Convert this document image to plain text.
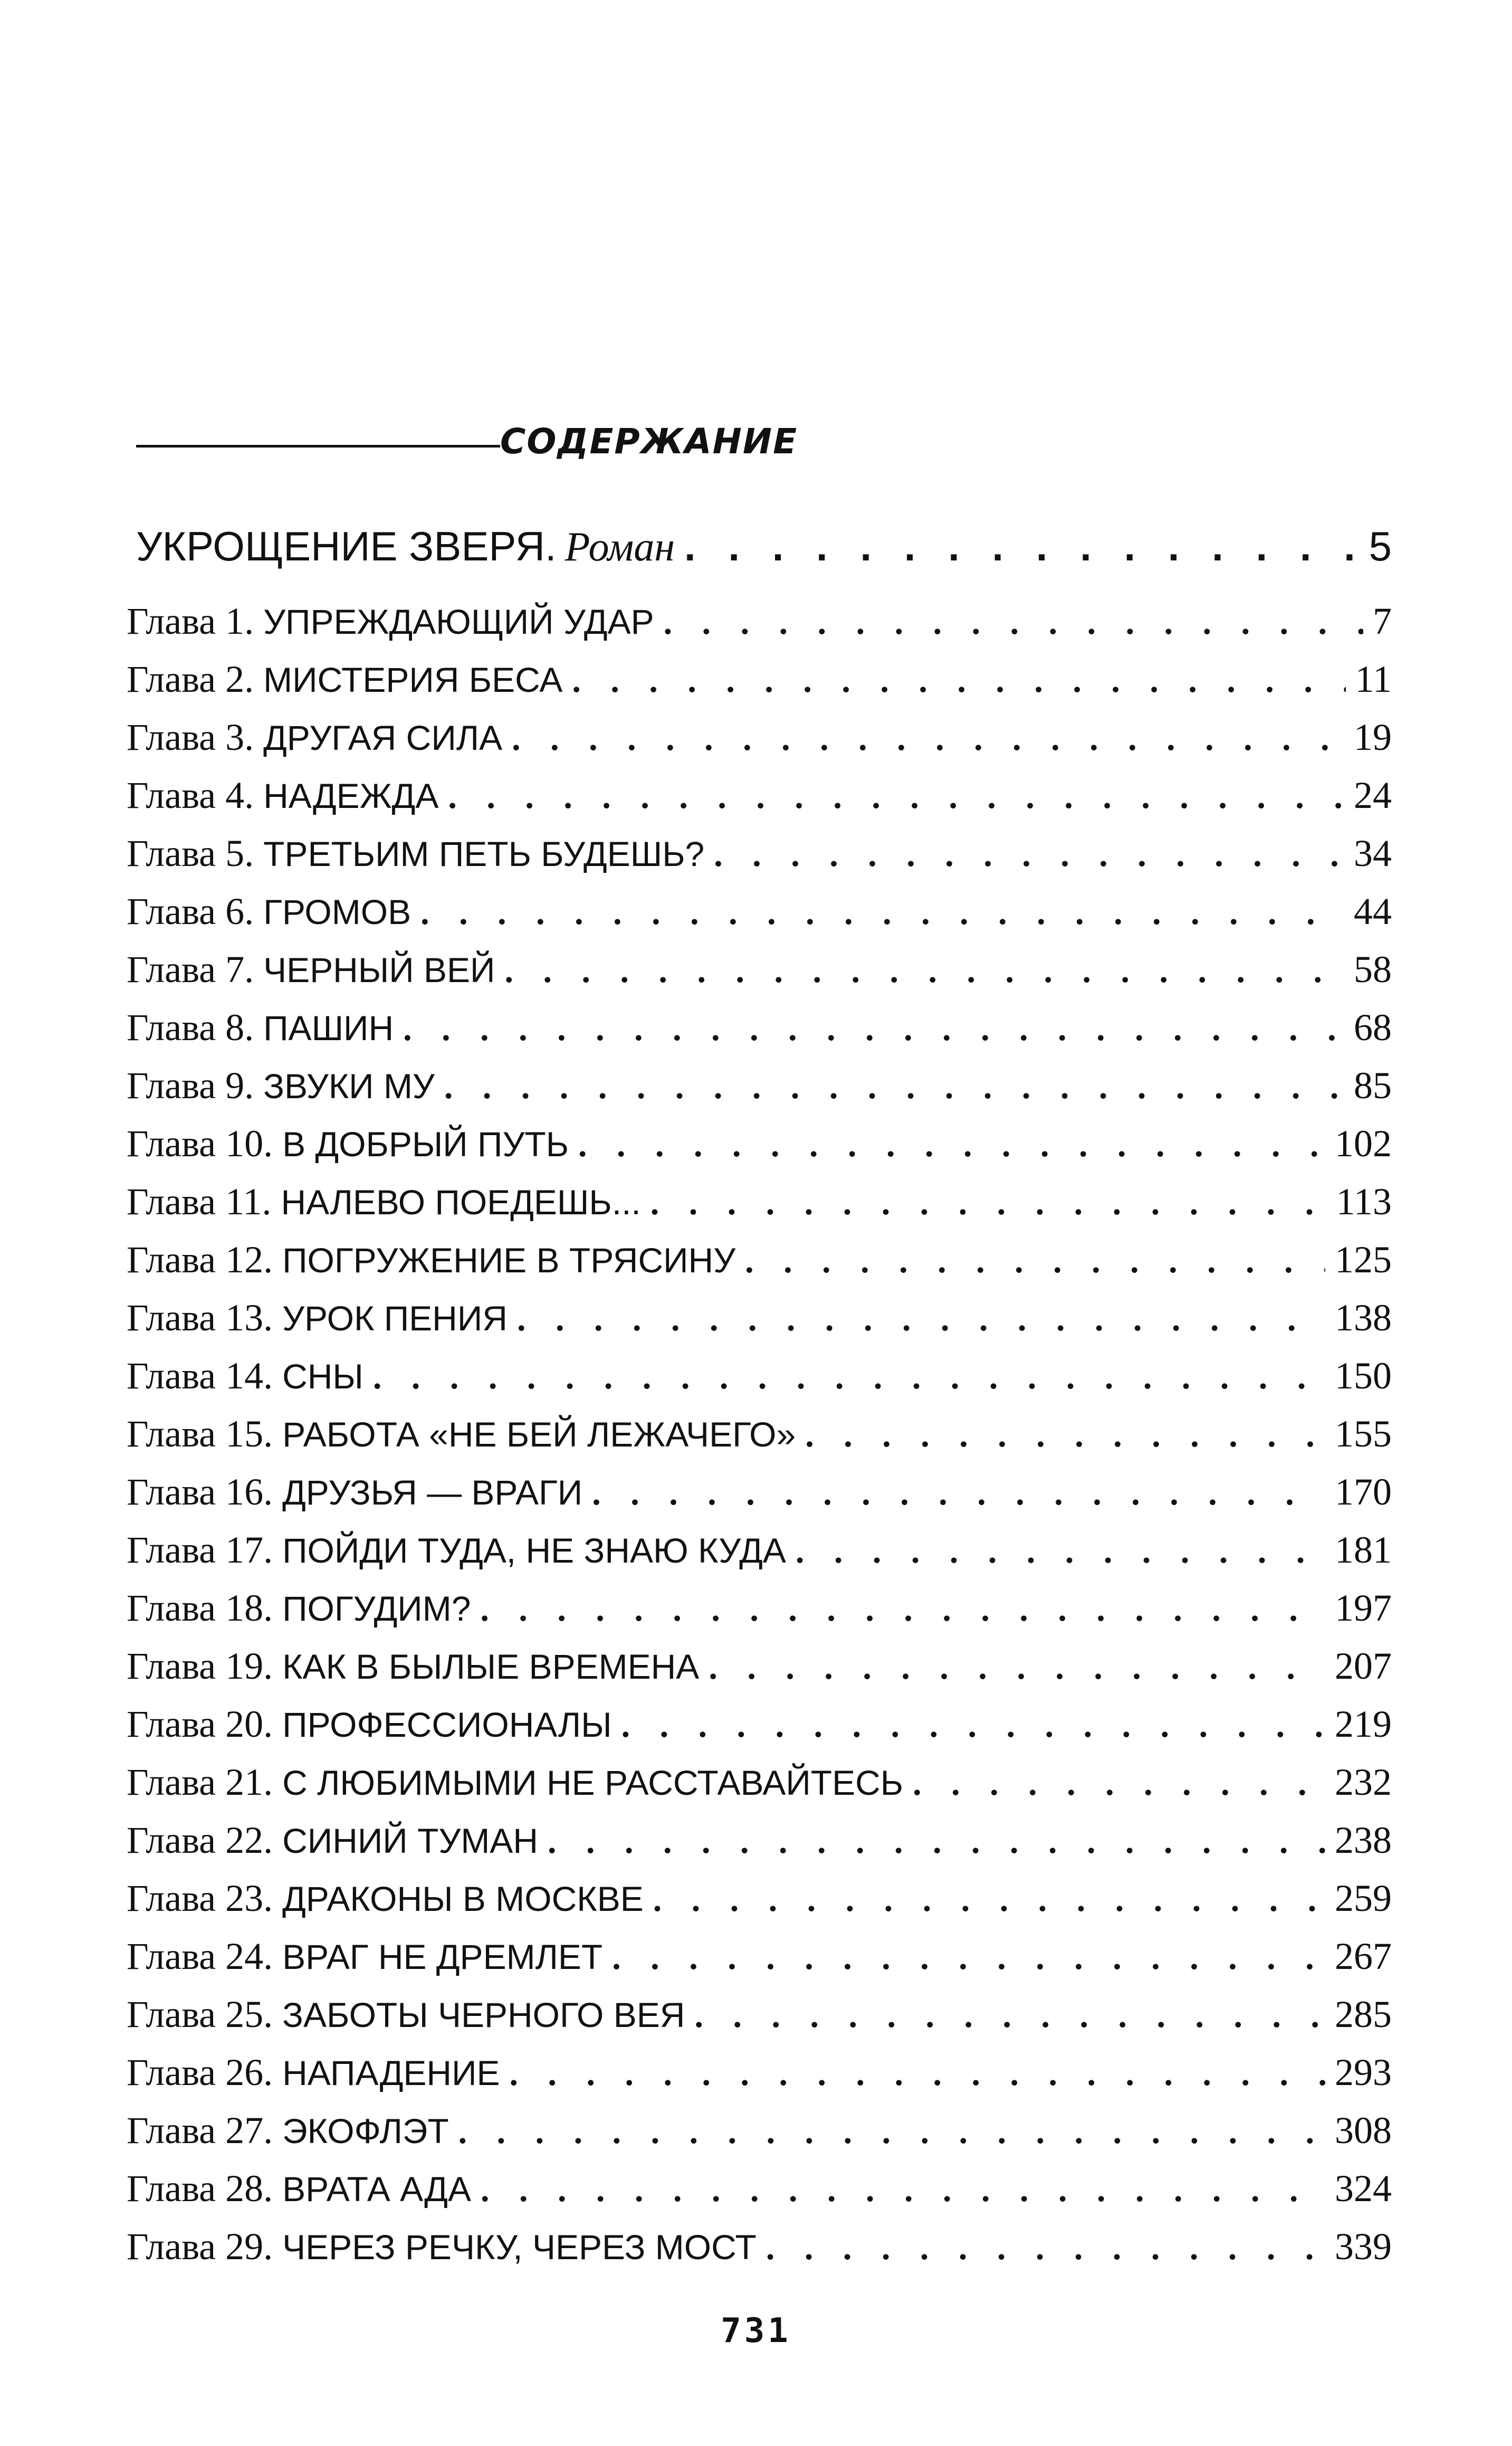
СОДЕРЖАНИЕ
УКРОЩЕНИЕ ЗВЕРЯ. Роман . . .	5
Глава 1. УПРЕЖДАЮЩИЙ УДАР . . .	7
Глава 2. МИСТЕРИЯ БЕСА . . .	11
Глава 3. ДРУГАЯ СИЛА . . .	19
Глава 4. НАДЕЖДА . . .	24
Глава 5. ТРЕТЬИМ ПЕТЬ БУДЕШЬ? . . .	34
Глава 6. ГРОМОВ . . .	44
Глава 7. ЧЕРНЫЙ ВЕЙ . . .	58
Глава 8. ПАШИН . . .	68
Глава 9. ЗВУКИ МУ . . .	85
Глава 10. В ДОБРЫЙ ПУТЬ . . .	102
Глава 11. НАЛЕВО ПОЕДЕШЬ... . . .	113
Глава 12. ПОГРУЖЕНИЕ В ТРЯСИНУ . . .	125
Глава 13. УРОК ПЕНИЯ . . .	138
Глава 14. СНЫ . . .	150
Глава 15. РАБОТА «НЕ БЕЙ ЛЕЖАЧЕГО» . . .	155
Глава 16. ДРУЗЬЯ — ВРАГИ . . .	170
Глава 17. ПОЙДИ ТУДА, НЕ ЗНАЮ КУДА . . .	181
Глава 18. ПОГУДИМ? . . .	197
Глава 19. КАК В БЫЛЫЕ ВРЕМЕНА . . .	207
Глава 20. ПРОФЕССИОНАЛЫ . . .	219
Глава 21. С ЛЮБИМЫМИ НЕ РАССТАВАЙТЕСЬ . . .	232
Глава 22. СИНИЙ ТУМАН . . .	238
Глава 23. ДРАКОНЫ В МОСКВЕ . . .	259
Глава 24. ВРАГ НЕ ДРЕМЛЕТ . . .	267
Глава 25. ЗАБОТЫ ЧЕРНОГО ВЕЯ . . .	285
Глава 26. НАПАДЕНИЕ . . .	293
Глава 27. ЭКОФЛЭТ . . .	308
Глава 28. ВРАТА АДА . . .	324
Глава 29. ЧЕРЕЗ РЕЧКУ, ЧЕРЕЗ МОСТ . . .	339
731
